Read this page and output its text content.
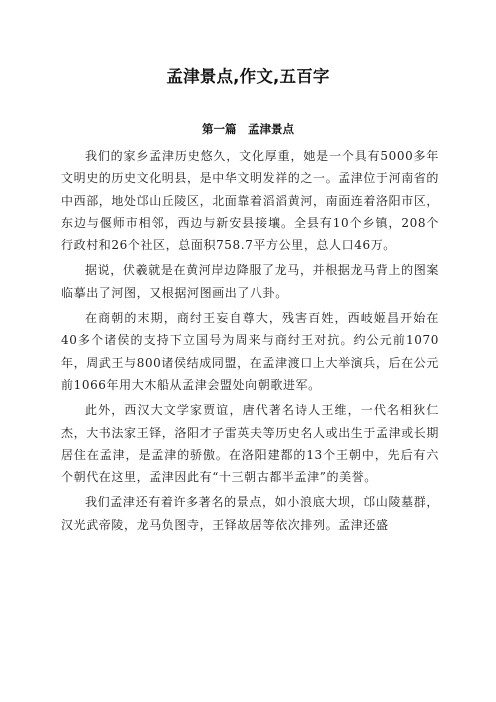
孟津景点,作文,五百字
第一篇　孟津景点

我们的家乡孟津历史悠久，文化厚重，她是一个具有5000多年文明史的历史文化明县，是中华文明发祥的之一。孟津位于河南省的中西部，地处邙山丘陵区，北面靠着滔滔黄河，南面连着洛阳市区，东边与偃师市相邻，西边与新安县接壤。全县有10个乡镇，208个行政村和26个社区，总面积758.7平方公里，总人口46万。

据说，伏羲就是在黄河岸边降服了龙马，并根据龙马背上的图案临摹出了河图，又根据河图画出了八卦。

在商朝的末期，商纣王妄自尊大，残害百姓，西岐姬昌开始在40多个诸侯的支持下立国号为周来与商纣王对抗。约公元前1070年，周武王与800诸侯结成同盟，在孟津渡口上大举演兵，后在公元前1066年用大木船从孟津会盟处向朝歌进军。

此外，西汉大文学家贾谊，唐代著名诗人王维，一代名相狄仁杰，大书法家王铎，洛阳才子雷英夫等历史名人或出生于孟津或长期居住在孟津，是孟津的骄傲。在洛阳建都的13个王朝中，先后有六个朝代在这里，孟津因此有“十三朝古都半孟津”的美誉。

我们孟津还有着许多著名的景点，如小浪底大坝，邙山陵墓群，汉光武帝陵，龙马负图寺，王铎故居等依次排列。孟津还盛
